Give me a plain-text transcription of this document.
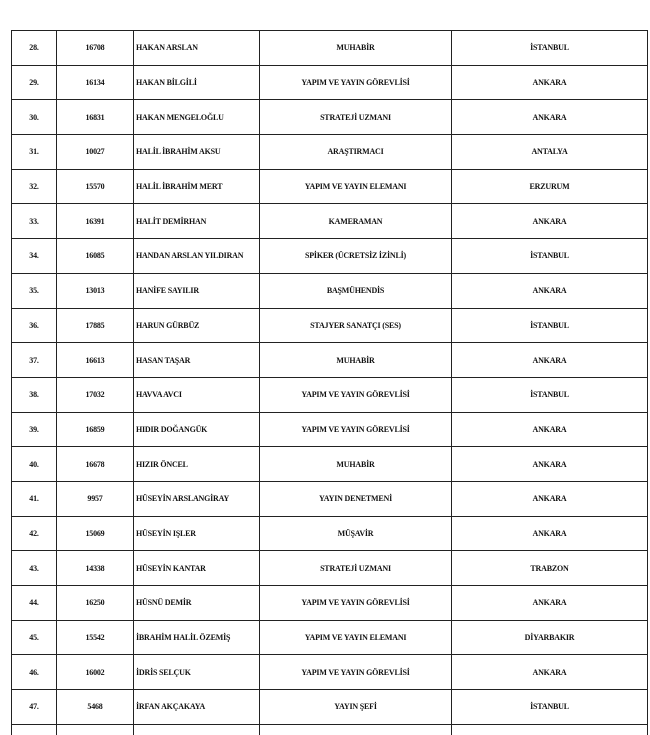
28.	16708	HAKAN ARSLAN	MUHABİR	İSTANBUL
29.	16134	HAKAN BİLGİLİ	YAPIM VE YAYIN GÖREVLİSİ	ANKARA
30.	16831	HAKAN MENGELOĞLU	STRATEJİ UZMANI	ANKARA
31.	10027	HALİL İBRAHİM AKSU	ARAŞTIRMACI	ANTALYA
32.	15570	HALİL İBRAHİM MERT	YAPIM VE YAYIN ELEMANI	ERZURUM
33.	16391	HALİT DEMİRHAN	KAMERAMAN	ANKARA
34.	16085	HANDAN ARSLAN YILDIRAN	SPİKER (ÜCRETSİZ İZİNLİ)	İSTANBUL
35.	13013	HANİFE SAYILIR	BAŞMÜHENDİS	ANKARA
36.	17885	HARUN GÜRBÜZ	STAJYER SANATÇI (SES)	İSTANBUL
37.	16613	HASAN TAŞAR	MUHABİR	ANKARA
38.	17032	HAVVA AVCI	YAPIM VE YAYIN GÖREVLİSİ	İSTANBUL
39.	16859	HIDIR DOĞANGÜK	YAPIM VE YAYIN GÖREVLİSİ	ANKARA
40.	16678	HIZIR ÖNCEL	MUHABİR	ANKARA
41.	9957	HÜSEYİN ARSLANGİRAY	YAYIN DENETMENİ	ANKARA
42.	15069	HÜSEYİN IŞLER	MÜŞAVİR	ANKARA
43.	14338	HÜSEYİN KANTAR	STRATEJİ UZMANI	TRABZON
44.	16250	HÜSNÜ DEMİR	YAPIM VE YAYIN GÖREVLİSİ	ANKARA
45.	15542	İBRAHİM HALİL ÖZEMİŞ	YAPIM VE YAYIN ELEMANI	DİYARBAKIR
46.	16002	İDRİS SELÇUK	YAPIM VE YAYIN GÖREVLİSİ	ANKARA
47.	5468	İRFAN AKÇAKAYA	YAYIN ŞEFİ	İSTANBUL
